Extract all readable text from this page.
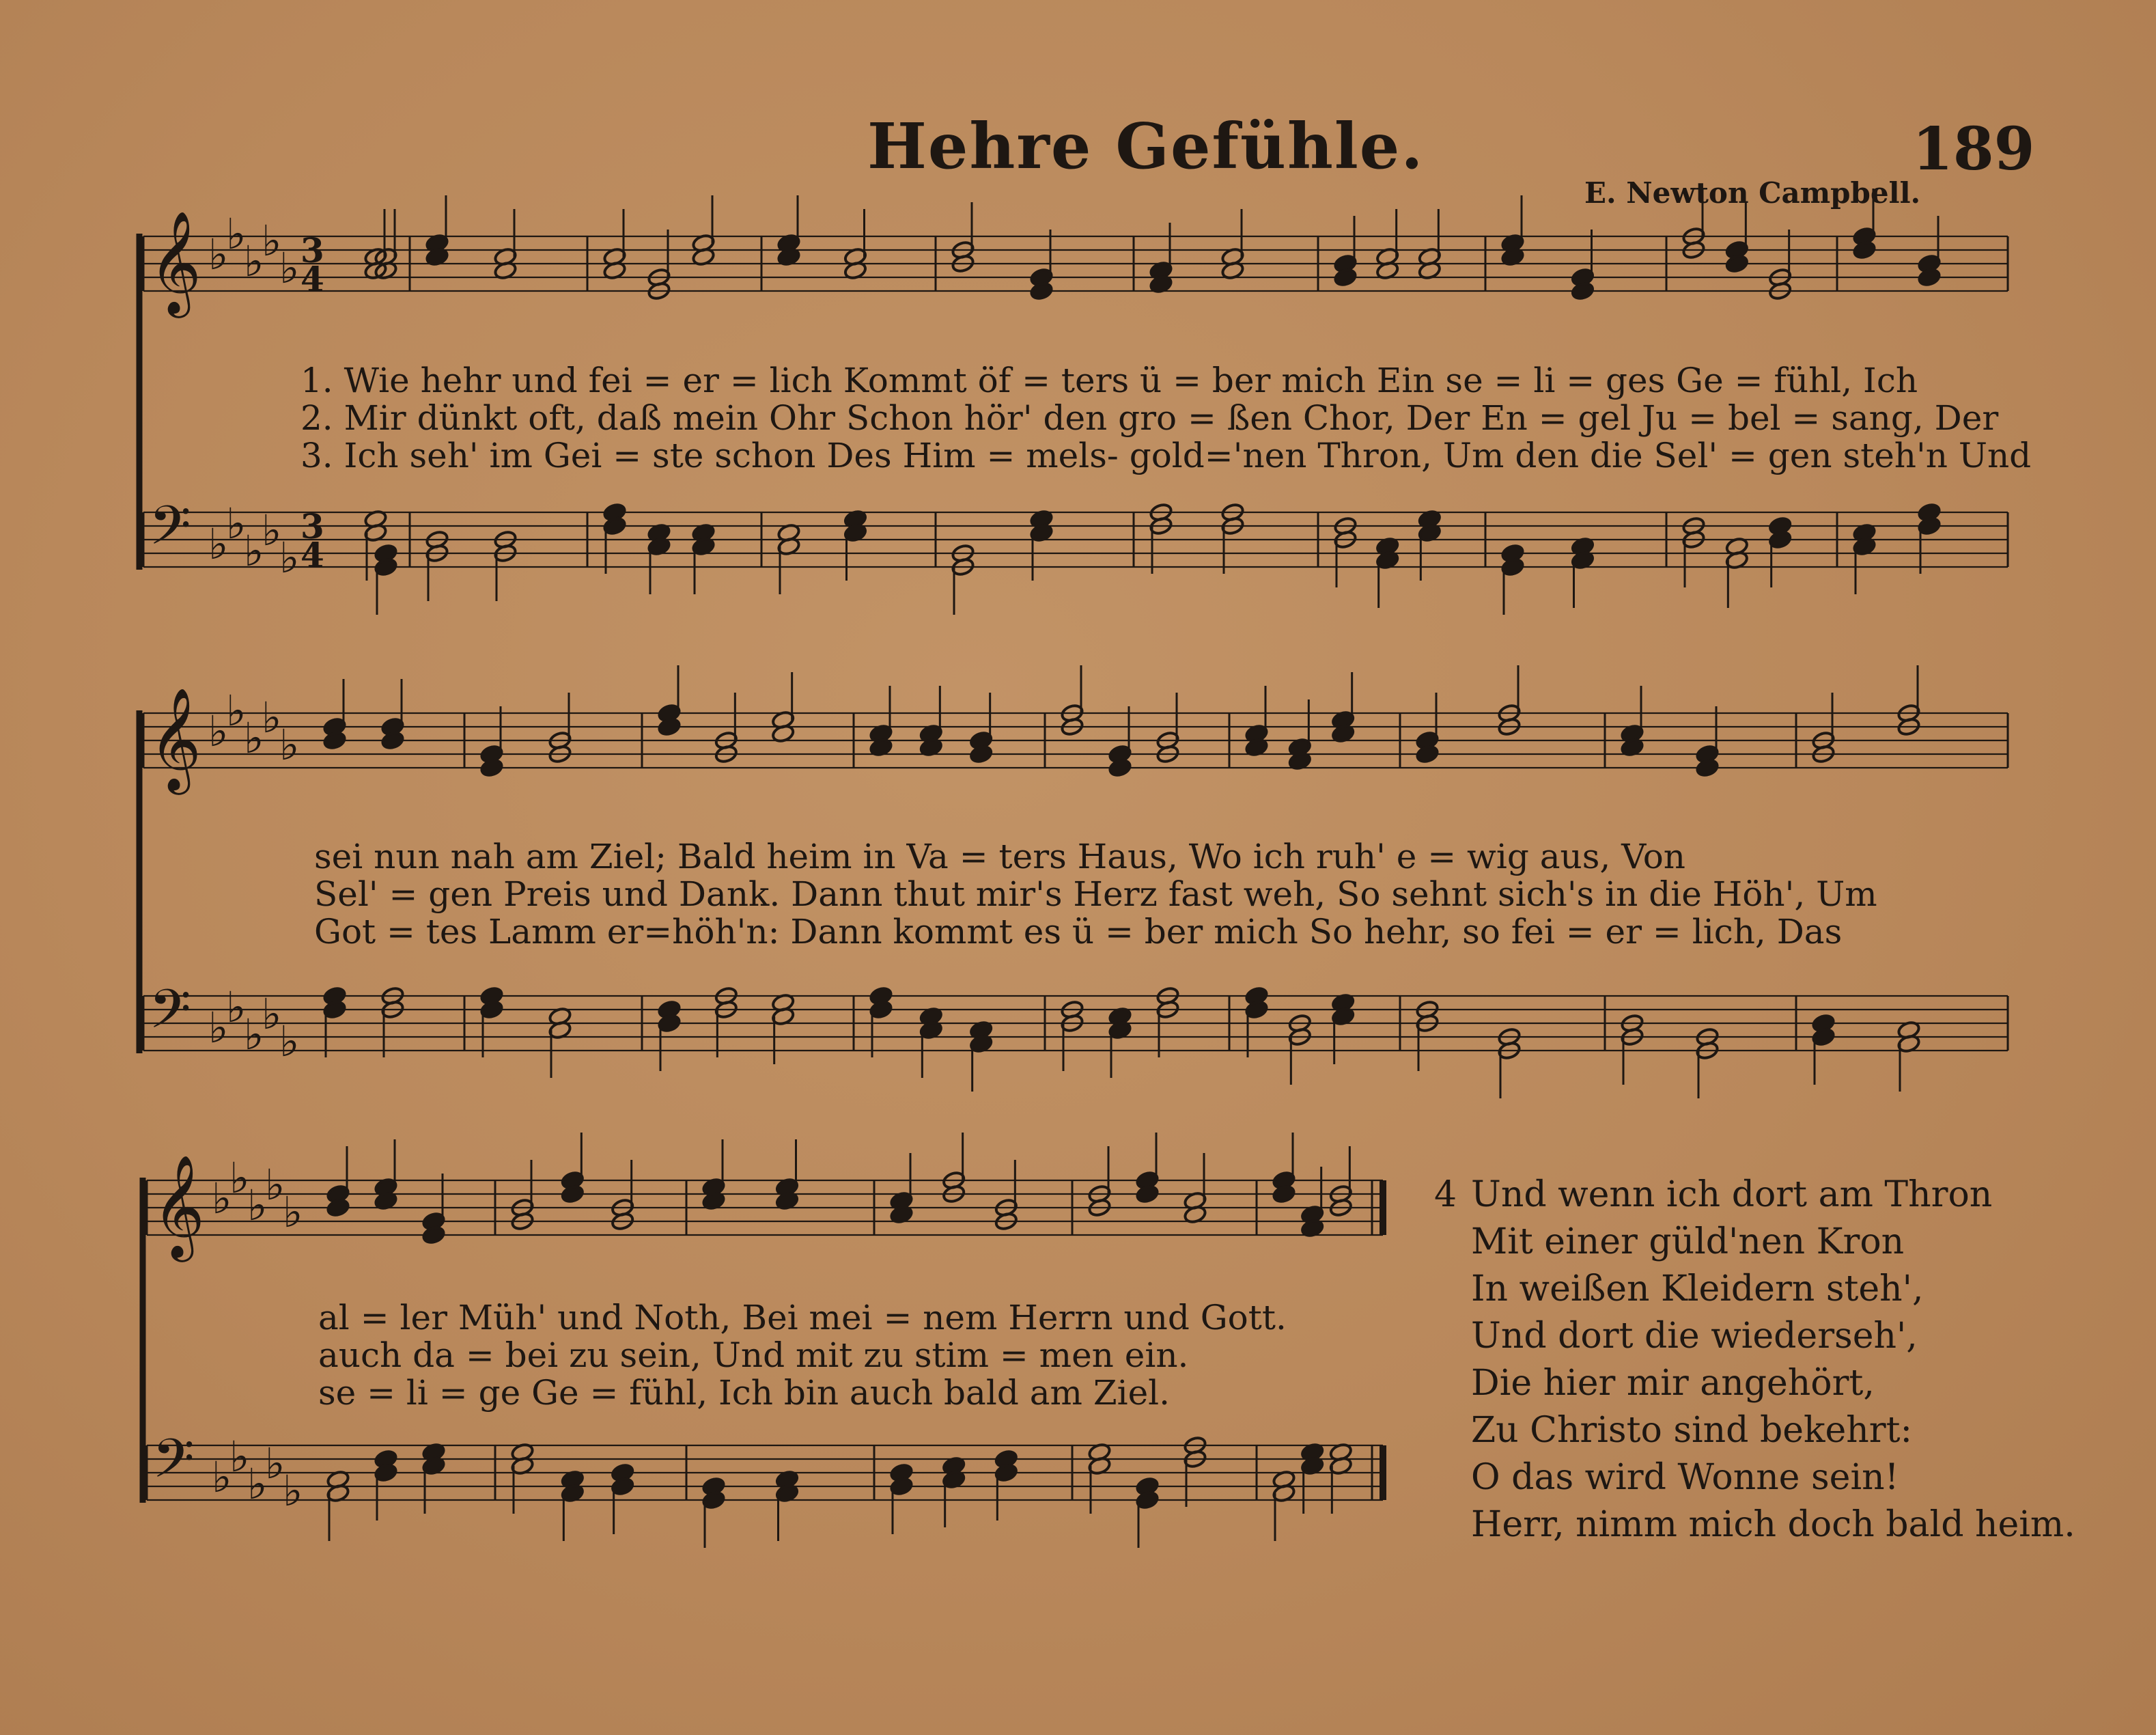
Hehre Gefühle.	189
E. Newton Campbell.
𝄞 ♭
♭
♭
♭
♭ 3
4
𝄢 ♭
♭
♭
♭
♭
3
4
𝄞 ♭
♭
♭
♭
♭
𝄢 ♭
♭
♭
♭
♭
𝄞 ♭
♭
♭
♭
♭
𝄢 ♭
♭
♭
♭
♭
1. Wie hehr und fei = er = lich Kommt öf = ters ü = ber mich Ein se = li = ges Ge = fühl, Ich
2. Mir dünkt oft, daß mein Ohr Schon hör' den gro = ßen Chor, Der En = gel Ju = bel = sang, Der
3. Ich seh' im Gei = ste schon Des Him = mels- gold='nen Thron, Um den die Sel' = gen steh'n Und
sei nun nah am Ziel; Bald heim in Va = ters Haus, Wo ich ruh' e = wig aus, Von
Sel' = gen Preis und Dank. Dann thut mir's Herz fast weh, So sehnt sich's in die Höh', Um
Got = tes Lamm er=höh'n: Dann kommt es ü = ber mich So hehr, so fei = er = lich, Das
al = ler Müh' und Noth, Bei mei = nem Herrn und Gott.
auch da = bei zu sein, Und mit zu stim = men ein.
se = li = ge Ge = fühl, Ich bin auch bald am Ziel.
4 Und wenn ich dort am Thron
Mit einer güld'nen Kron
In weißen Kleidern steh',
Und dort die wiederseh',
Die hier mir angehört,
Zu Christo sind bekehrt:
O das wird Wonne sein!
Herr, nimm mich doch bald heim.
